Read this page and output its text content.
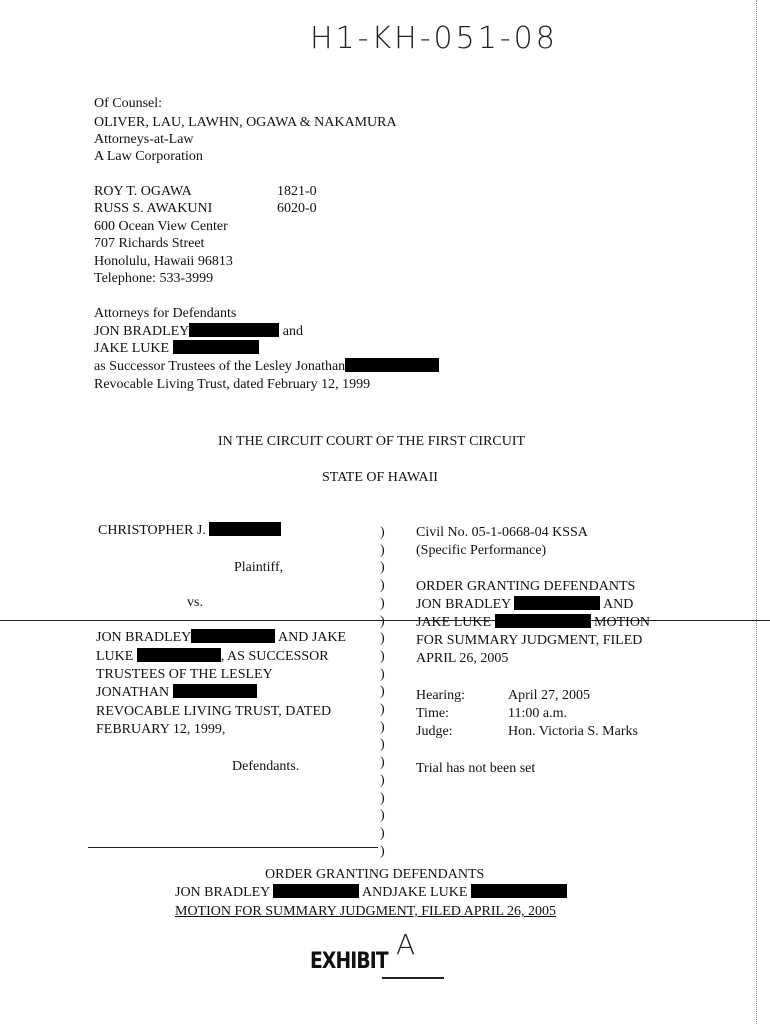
H1-KH-051-08
Of Counsel:
OLIVER, LAU, LAWHN, OGAWA & NAKAMURA
Attorneys-at-Law
A Law Corporation
ROY T. OGAWA	1821-0
RUSS S. AWAKUNI	6020-0
600 Ocean View Center
707 Richards Street
Honolulu, Hawaii 96813
Telephone: 533-3999
Attorneys for Defendants
JON BRADLEY	and
JAKE LUKE
as Successor Trustees of the Lesley Jonathan
Revocable Living Trust, dated February 12, 1999
IN THE CIRCUIT COURT OF THE FIRST CIRCUIT
STATE OF HAWAII
CHRISTOPHER J.
Plaintiff,
vs.
JON BRADLEY	AND JAKE
LUKE	, AS SUCCESSOR
TRUSTEES OF THE LESLEY
JONATHAN
REVOCABLE LIVING TRUST, DATED
FEBRUARY 12, 1999,
Defendants.
)
)
)
)
)
)
)
)
)
)
)
)
)
)
)
)
)
)
)
Civil No. 05-1-0668-04 KSSA
(Specific Performance)
ORDER GRANTING DEFENDANTS
JON BRADLEY	AND
JAKE LUKE	MOTION
FOR SUMMARY JUDGMENT, FILED
APRIL 26, 2005
Hearing:	April 27, 2005
Time:	11:00 a.m.
Judge:	Hon. Victoria S. Marks
Trial has not been set
ORDER GRANTING DEFENDANTS
JON BRADLEY	ANDJAKE LUKE
MOTION FOR SUMMARY JUDGMENT, FILED APRIL 26, 2005
EXHIBIT
A
